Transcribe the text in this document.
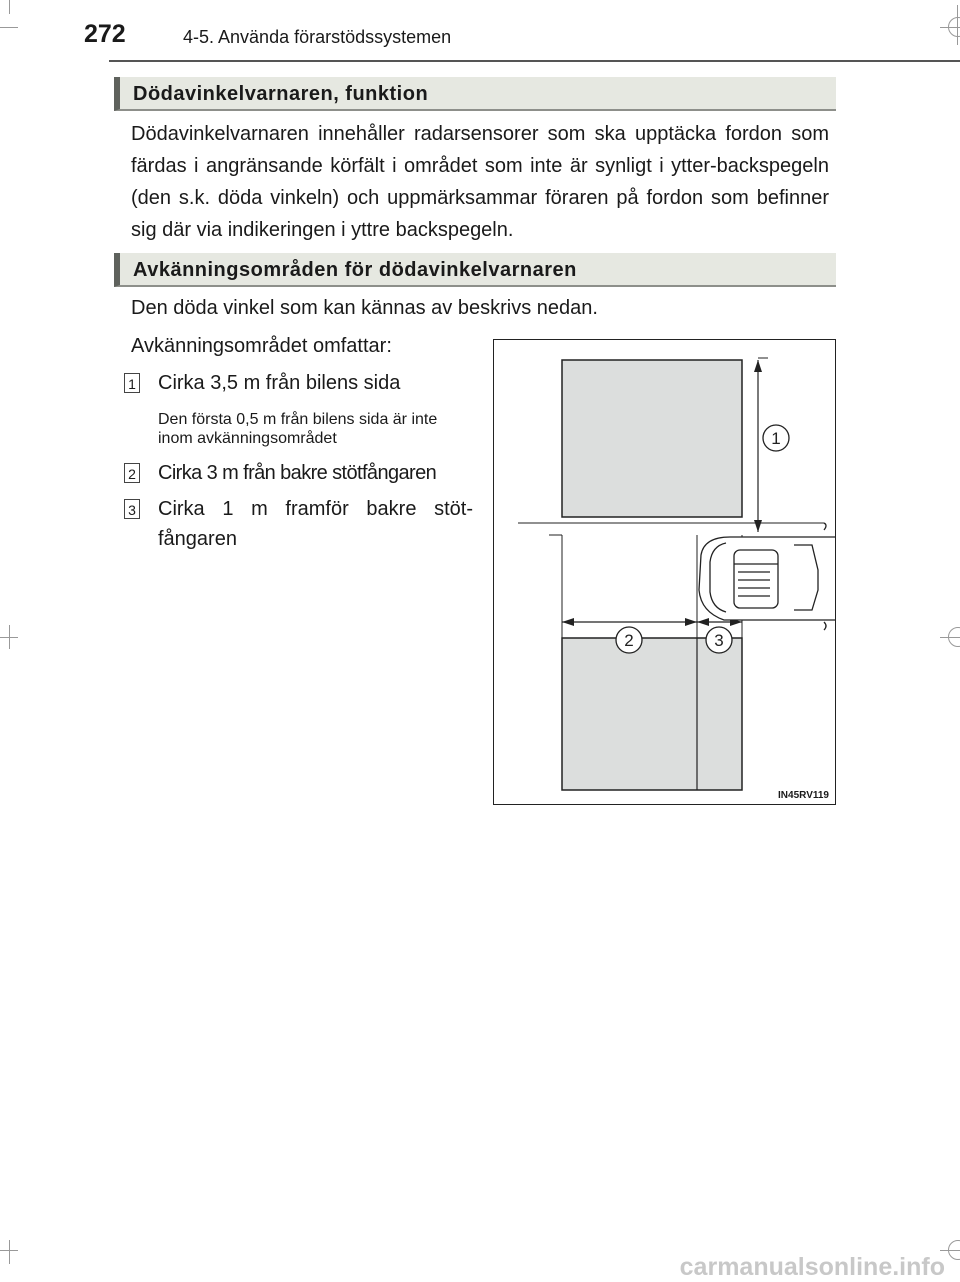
272	4-5. Använda förarstödssystemen
Dödavinkelvarnaren, funktion
Dödavinkelvarnaren innehåller radarsensorer som ska upptäcka fordon som färdas i angränsande körfält i området som inte är synligt i ytter-backspegeln (den s.k. döda vinkeln) och uppmärksammar föraren på fordon som befinner sig där via indikeringen i yttre backspegeln.
Avkänningsområden för dödavinkelvarnaren
Den döda vinkel som kan kännas av beskrivs nedan.
Avkänningsområdet omfattar:
1 Cirka 3,5 m från bilens sida
Den första 0,5 m från bilens sida är inte inom avkänningsområdet
2 Cirka 3 m från bakre stötfångaren
3 Cirka 1 m framför bakre stöt-fångaren
1
2	3
IN45RV119
carmanualsonline.info
